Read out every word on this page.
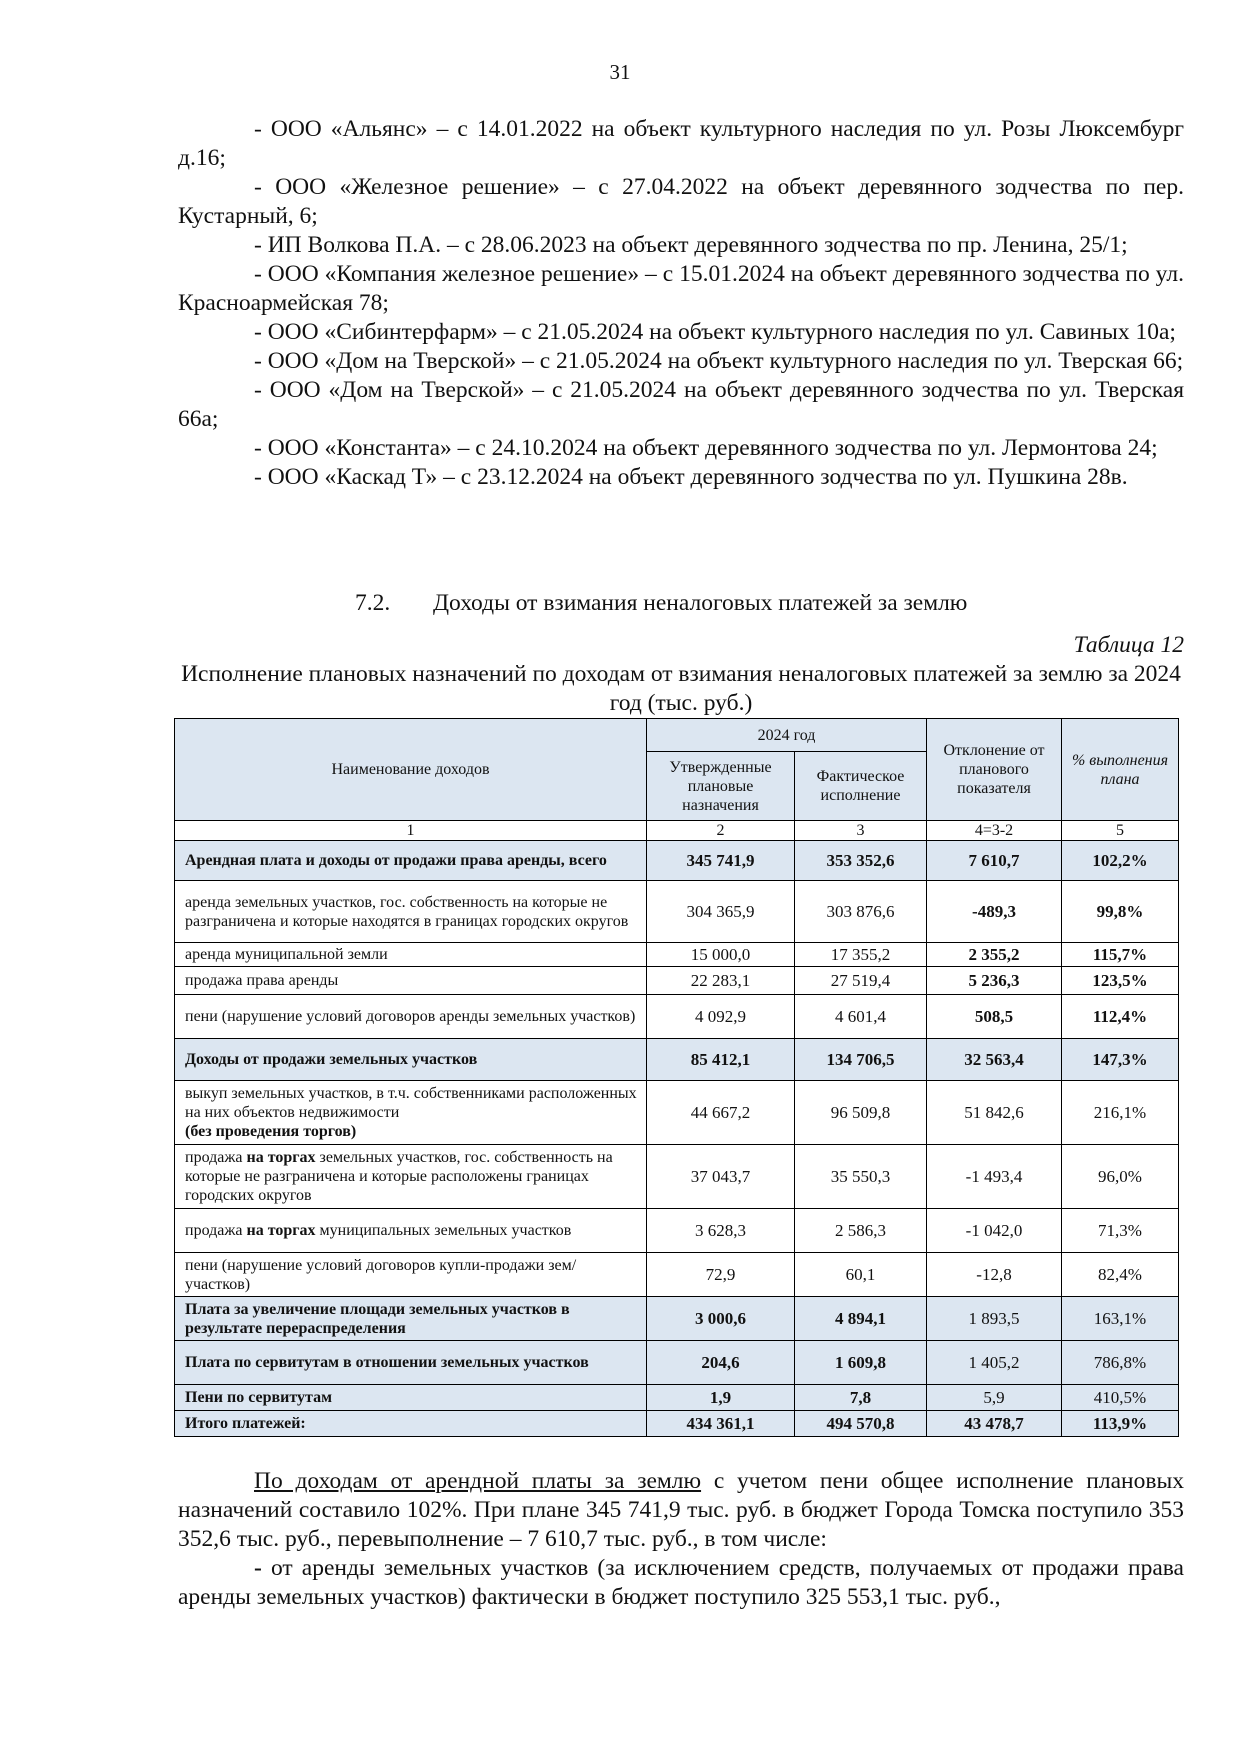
31

- ООО «Альянс» – с 14.01.2022 на объект культурного наследия по ул. Розы Люксембург д.16;

- ООО «Железное решение» – с 27.04.2022 на объект деревянного зодчества по пер. Кустарный, 6;

- ИП Волкова П.А. – с 28.06.2023 на объект деревянного зодчества по пр. Ленина, 25/1;

- ООО «Компания железное решение» – с 15.01.2024 на объект деревянного зодчества по ул. Красноармейская 78;

- ООО «Сибинтерфарм» – с 21.05.2024 на объект культурного наследия по ул. Савиных 10а;

- ООО «Дом на Тверской» – с 21.05.2024 на объект культурного наследия по ул. Тверская 66;

- ООО «Дом на Тверской» – с 21.05.2024 на объект деревянного зодчества по ул. Тверская 66а;

- ООО «Константа» – с 24.10.2024 на объект деревянного зодчества по ул. Лермонтова 24;

- ООО «Каскад Т» – с 23.12.2024 на объект деревянного зодчества по ул. Пушкина 28в.

7.2. Доходы от взимания неналоговых платежей за землю
Таблица 12
Исполнение плановых назначений по доходам от взимания неналоговых платежей за землю за 2024 год (тыс. руб.)
Наименование доходов	2024 год		Отклонение от планового показателя	% выполнения плана
	Утвержденные плановые назначения	Фактическое исполнение		
1	2	3	4=3-2	5
Арендная плата и доходы от продажи права аренды, всего	345 741,9	353 352,6	7 610,7	102,2%
аренда земельных участков, гос. собственность на которые не разграничена и которые находятся в границах городских округов	304 365,9	303 876,6	-489,3	99,8%
аренда муниципальной земли	15 000,0	17 355,2	2 355,2	115,7%
продажа права аренды	22 283,1	27 519,4	5 236,3	123,5%
пени (нарушение условий договоров аренды земельных участков)	4 092,9	4 601,4	508,5	112,4%
Доходы от продажи земельных участков	85 412,1	134 706,5	32 563,4	147,3%
выкуп земельных участков, в т.ч. собственниками расположенных на них объектов недвижимости
(без проведения торгов)	44 667,2	96 509,8	51 842,6	216,1%
продажа на торгах земельных участков, гос. собственность на которые не разграничена и которые расположены границах городских округов	37 043,7	35 550,3	-1 493,4	96,0%
продажа на торгах муниципальных земельных участков	3 628,3	2 586,3	-1 042,0	71,3%
пени (нарушение условий договоров купли-продажи зем/участков)	72,9	60,1	-12,8	82,4%
Плата за увеличение площади земельных участков в результате перераспределения	3 000,6	4 894,1	1 893,5	163,1%
Плата по сервитутам в отношении земельных участков	204,6	1 609,8	1 405,2	786,8%
Пени по сервитутам	1,9	7,8	5,9	410,5%
Итого платежей:	434 361,1	494 570,8	43 478,7	113,9%

По доходам от арендной платы за землю с учетом пени общее исполнение плановых назначений составило 102%. При плане 345 741,9 тыс. руб. в бюджет Города Томска поступило 353 352,6 тыс. руб., перевыполнение – 7 610,7 тыс. руб., в том числе:

- от аренды земельных участков (за исключением средств, получаемых от продажи права аренды земельных участков) фактически в бюджет поступило 325 553,1 тыс. руб.,
